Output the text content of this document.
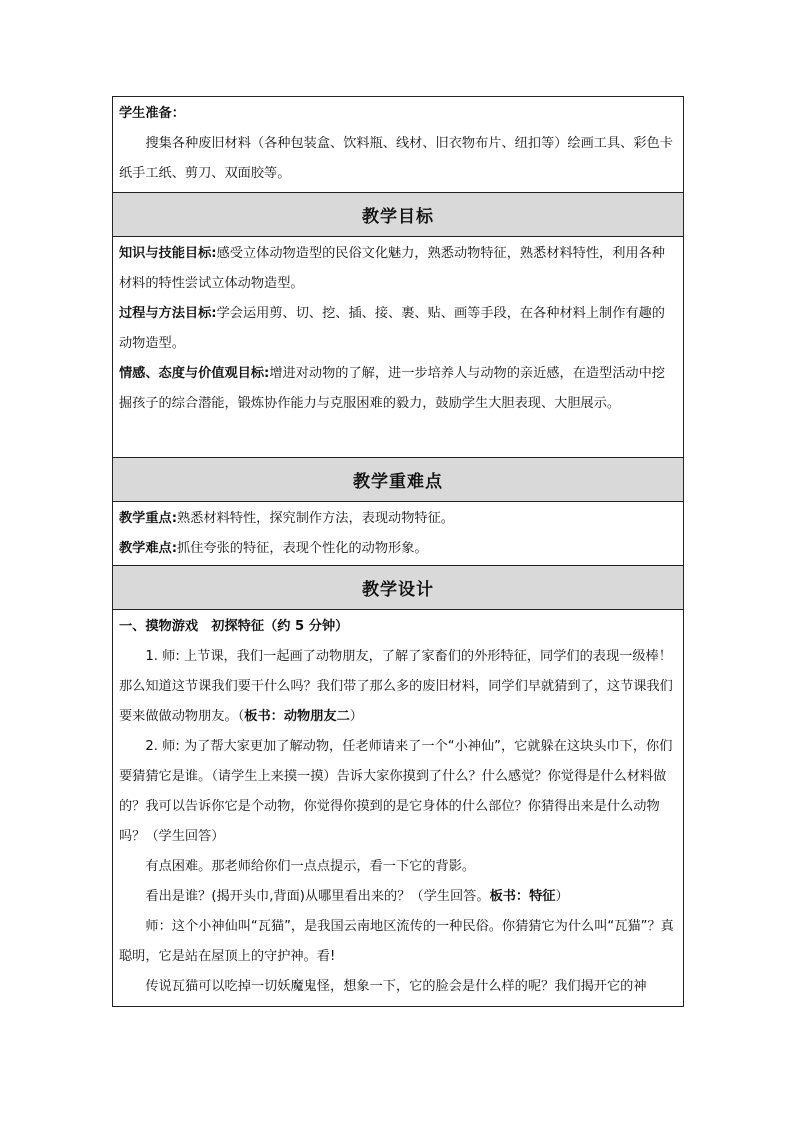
学生准备：

搜集各种废旧材料（各种包装盒、饮料瓶、线材、旧衣物布片、纽扣等）绘画工具、彩色卡纸手工纸、剪刀、双面胶等。

教学目标

知识与技能目标:感受立体动物造型的民俗文化魅力，熟悉动物特征，熟悉材料特性，利用各种材料的特性尝试立体动物造型。

过程与方法目标:学会运用剪、切、挖、插、接、裹、贴、画等手段，在各种材料上制作有趣的动物造型。

情感、态度与价值观目标:增进对动物的了解，进一步培养人与动物的亲近感，在造型活动中挖掘孩子的综合潜能，锻炼协作能力与克服困难的毅力，鼓励学生大胆表现、大胆展示。

教学重难点

教学重点:熟悉材料特性，探究制作方法，表现动物特征。

教学难点:抓住夸张的特征，表现个性化的动物形象。

教学设计

一、摸物游戏　初探特征（约 5 分钟）

1. 师: 上节课，我们一起画了动物朋友，了解了家畜们的外形特征，同学们的表现一级棒！那么知道这节课我们要干什么吗？我们带了那么多的废旧材料，同学们早就猜到了，这节课我们要来做做动物朋友。（板书：动物朋友二）

2. 师: 为了帮大家更加了解动物，任老师请来了一个“小神仙”，它就躲在这块头巾下，你们要猜猜它是谁。（请学生上来摸一摸）告诉大家你摸到了什么？什么感觉？你觉得是什么材料做的？我可以告诉你它是个动物，你觉得你摸到的是它身体的什么部位？你猜得出来是什么动物吗？（学生回答）

有点困难。那老师给你们一点点提示，看一下它的背影。

看出是谁？(揭开头巾,背面)从哪里看出来的？（学生回答。板书：特征）

师：这个小神仙叫“瓦猫”，是我国云南地区流传的一种民俗。你猜猜它为什么叫“瓦猫”？真聪明，它是站在屋顶上的守护神。看!

传说瓦猫可以吃掉一切妖魔鬼怪，想象一下，它的脸会是什么样的呢？我们揭开它的神
